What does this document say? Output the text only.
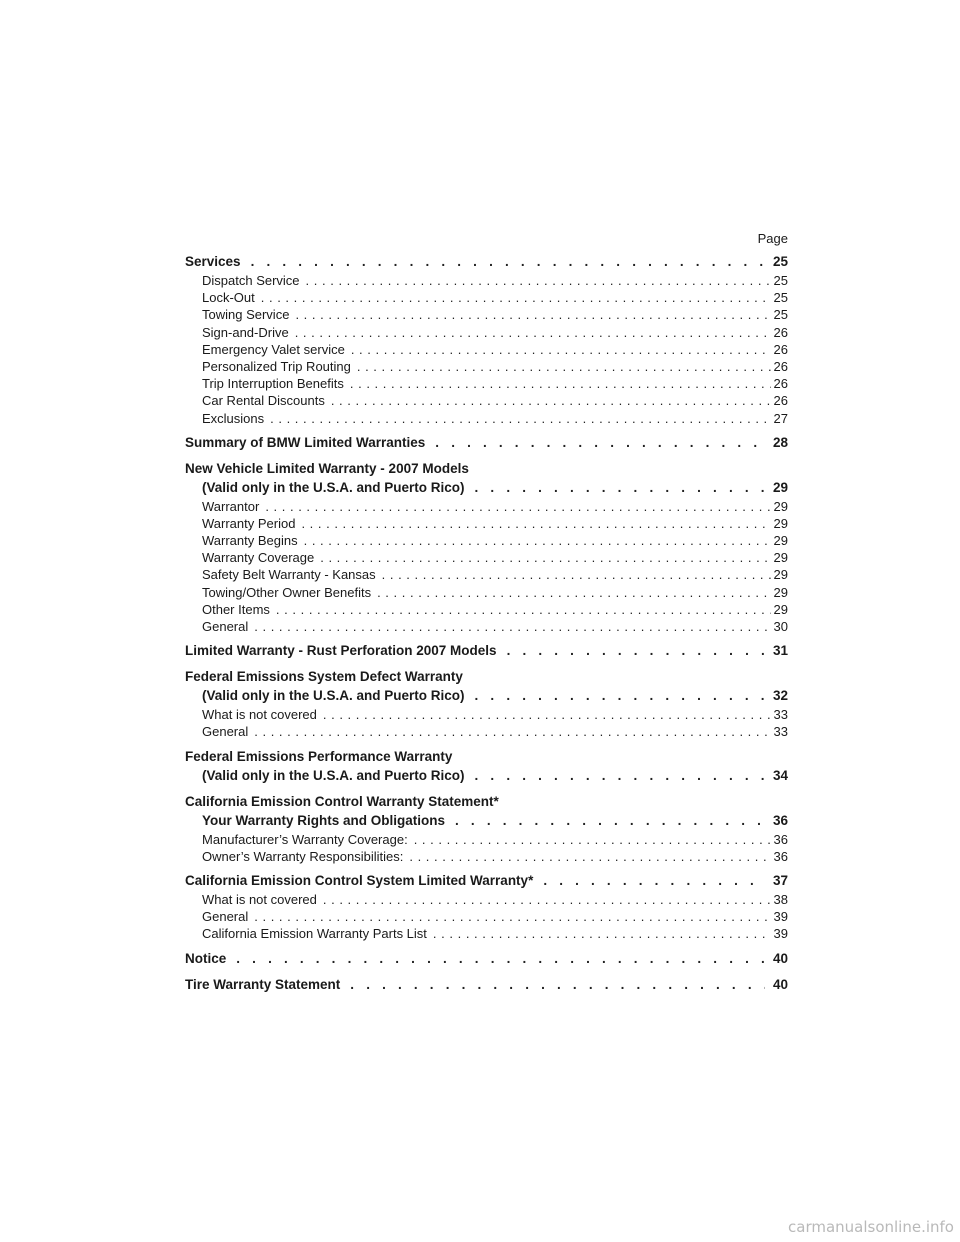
Page
Services . . .	25
Dispatch Service . . .	25
Lock-Out . . .	25
Towing Service . . .	25
Sign-and-Drive . . .	26
Emergency Valet service . . .	26
Personalized Trip Routing . . .	26
Trip Interruption Benefits . . .	26
Car Rental Discounts . . .	26
Exclusions . . .	27
Summary of BMW Limited Warranties . . .	28
New Vehicle Limited Warranty - 2007 Models
(Valid only in the U.S.A. and Puerto Rico) . . .	29
Warrantor . . .	29
Warranty Period . . .	29
Warranty Begins . . .	29
Warranty Coverage . . .	29
Safety Belt Warranty - Kansas . . .	29
Towing/Other Owner Benefits . . .	29
Other Items . . .	29
General . . .	30
Limited Warranty - Rust Perforation 2007 Models . . .	31
Federal Emissions System Defect Warranty
(Valid only in the U.S.A. and Puerto Rico) . . .	32
What is not covered . . .	33
General . . .	33
Federal Emissions Performance Warranty
(Valid only in the U.S.A. and Puerto Rico) . . .	34
California Emission Control Warranty Statement*
Your Warranty Rights and Obligations . . .	36
Manufacturer’s Warranty Coverage: . . .	36
Owner’s Warranty Responsibilities: . . .	36
California Emission Control System Limited Warranty* . . .	37
What is not covered . . .	38
General . . .	39
California Emission Warranty Parts List . . .	39
Notice . . .	40
Tire Warranty Statement . . .	40
carmanualsonline.info
